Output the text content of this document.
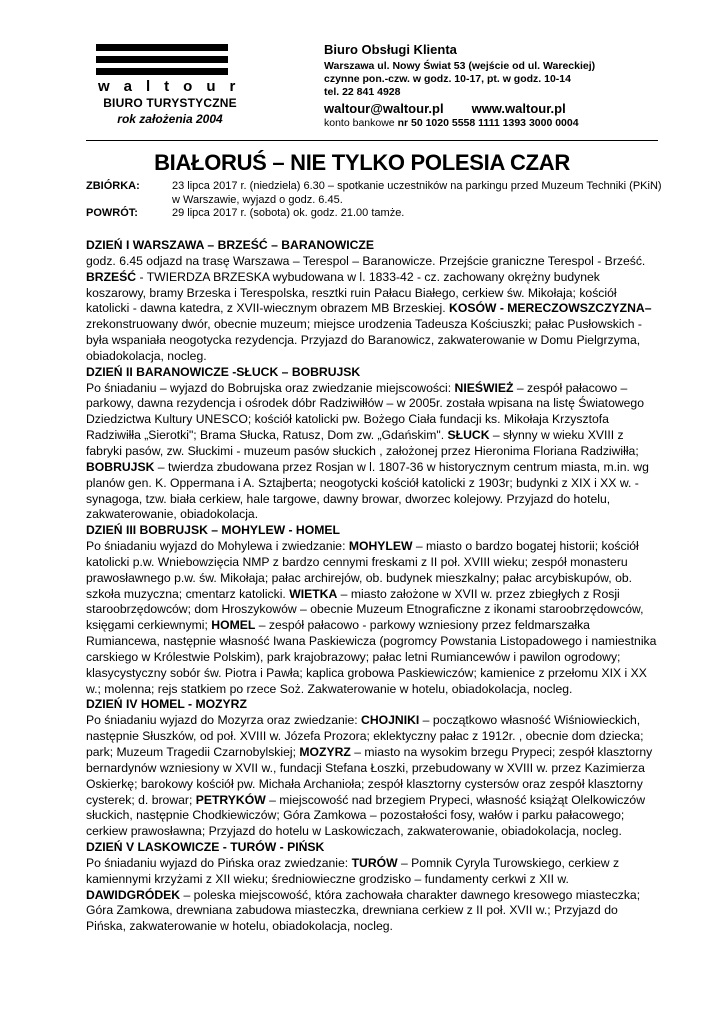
waltour
BIURO TURYSTYCZNE
rok założenia 2004
Biuro Obsługi Klienta
Warszawa ul. Nowy Świat 53 (wejście od ul. Wareckiej)
czynne pon.-czw. w godz. 10-17, pt. w godz. 10-14
tel. 22 841 4928
waltour@waltour.pl www.waltour.pl
konto bankowe nr 50 1020 5558 1111 1393 3000 0004
BIAŁORUŚ – NIE TYLKO POLESIA CZAR
ZBIÓRKA:	23 lipca 2017 r. (niedziela) 6.30 – spotkanie uczestników na parkingu przed Muzeum Techniki (PKiN) w Warszawie, wyjazd o godz. 6.45.
POWRÓT:	29 lipca 2017 r. (sobota) ok. godz. 21.00 tamże.
DZIEŃ I WARSZAWA – BRZEŚĆ – BARANOWICZE

godz. 6.45 odjazd na trasę Warszawa – Terespol – Baranowicze. Przejście graniczne Terespol - Brześć. BRZEŚĆ - TWIERDZA BRZESKA wybudowana w l. 1833-42 - cz. zachowany okrężny budynek koszarowy, bramy Brzeska i Terespolska, resztki ruin Pałacu Białego, cerkiew św. Mikołaja; kościół katolicki - dawna katedra, z XVII-wiecznym obrazem MB Brzeskiej. KOSÓW - MERECZOWSZCZYZNA– zrekonstruowany dwór, obecnie muzeum; miejsce urodzenia Tadeusza Kościuszki; pałac Pusłowskich - była wspaniała neogotycka rezydencja. Przyjazd do Baranowicz, zakwaterowanie w Domu Pielgrzyma, obiadokolacja, nocleg.

DZIEŃ II BARANOWICZE -SŁUCK – BOBRUJSK

Po śniadaniu – wyjazd do Bobrujska oraz zwiedzanie miejscowości: NIEŚWIEŻ – zespół pałacowo – parkowy, dawna rezydencja i ośrodek dóbr Radziwiłłów – w 2005r. została wpisana na listę Światowego Dziedzictwa Kultury UNESCO; kościół katolicki pw. Bożego Ciała fundacji ks. Mikołaja Krzysztofa Radziwiłła „Sierotki"; Brama Słucka, Ratusz, Dom zw. „Gdańskim". SŁUCK – słynny w wieku XVIII z fabryki pasów, zw. Słuckimi - muzeum pasów słuckich , założonej przez Hieronima Floriana Radziwiłła; BOBRUJSK – twierdza zbudowana przez Rosjan w l. 1807-36 w historycznym centrum miasta, m.in. wg planów gen. K. Oppermana i A. Sztajberta; neogotycki kościół katolicki z 1903r; budynki z XIX i XX w. - synagoga, tzw. biała cerkiew, hale targowe, dawny browar, dworzec kolejowy. Przyjazd do hotelu, zakwaterowanie, obiadokolacja.

DZIEŃ III BOBRUJSK – MOHYLEW - HOMEL

Po śniadaniu wyjazd do Mohylewa i zwiedzanie: MOHYLEW – miasto o bardzo bogatej historii; kościół katolicki p.w. Wniebowzięcia NMP z bardzo cennymi freskami z II poł. XVIII wieku; zespół monasteru prawosławnego p.w. św. Mikołaja; pałac archirejów, ob. budynek mieszkalny; pałac arcybiskupów, ob. szkoła muzyczna; cmentarz katolicki. WIETKA – miasto założone w XVII w. przez zbiegłych z Rosji staroobrzędowców; dom Hroszykowów – obecnie Muzeum Etnograficzne z ikonami staroobrzędowców, księgami cerkiewnymi; HOMEL – zespół pałacowo - parkowy wzniesiony przez feldmarszałka Rumiancewa, następnie własność Iwana Paskiewicza (pogromcy Powstania Listopadowego i namiestnika carskiego w Królestwie Polskim), park krajobrazowy; pałac letni Rumiancewów i pawilon ogrodowy; klasycystyczny sobór św. Piotra i Pawła; kaplica grobowa Paskiewiczów; kamienice z przełomu XIX i XX w.; molenna; rejs statkiem po rzece Soż. Zakwaterowanie w hotelu, obiadokolacja, nocleg.

DZIEŃ IV HOMEL - MOZYRZ

Po śniadaniu wyjazd do Mozyrza oraz zwiedzanie: CHOJNIKI – początkowo własność Wiśniowieckich, następnie Słuszków, od poł. XVIII w. Józefa Prozora; eklektyczny pałac z 1912r. , obecnie dom dziecka; park; Muzeum Tragedii Czarnobylskiej; MOZYRZ – miasto na wysokim brzegu Prypeci; zespół klasztorny bernardynów wzniesiony w XVII w., fundacji Stefana Łoszki, przebudowany w XVIII w. przez Kazimierza Oskierkę; barokowy kościół pw. Michała Archanioła; zespół klasztorny cystersów oraz zespół klasztorny cysterek; d. browar; PETRYKÓW – miejscowość nad brzegiem Prypeci, własność książąt Olelkowiczów słuckich, następnie Chodkiewiczów; Góra Zamkowa – pozostałości fosy, wałów i parku pałacowego; cerkiew prawosławna; Przyjazd do hotelu w Laskowiczach, zakwaterowanie, obiadokolacja, nocleg.

DZIEŃ V LASKOWICZE - TURÓW - PIŃSK

Po śniadaniu wyjazd do Pińska oraz zwiedzanie: TURÓW – Pomnik Cyryla Turowskiego, cerkiew z kamiennymi krzyżami z XII wieku; średniowieczne grodzisko – fundamenty cerkwi z XII w. DAWIDGRÓDEK – poleska miejscowość, która zachowała charakter dawnego kresowego miasteczka; Góra Zamkowa, drewniana zabudowa miasteczka, drewniana cerkiew z II poł. XVII w.; Przyjazd do Pińska, zakwaterowanie w hotelu, obiadokolacja, nocleg.
